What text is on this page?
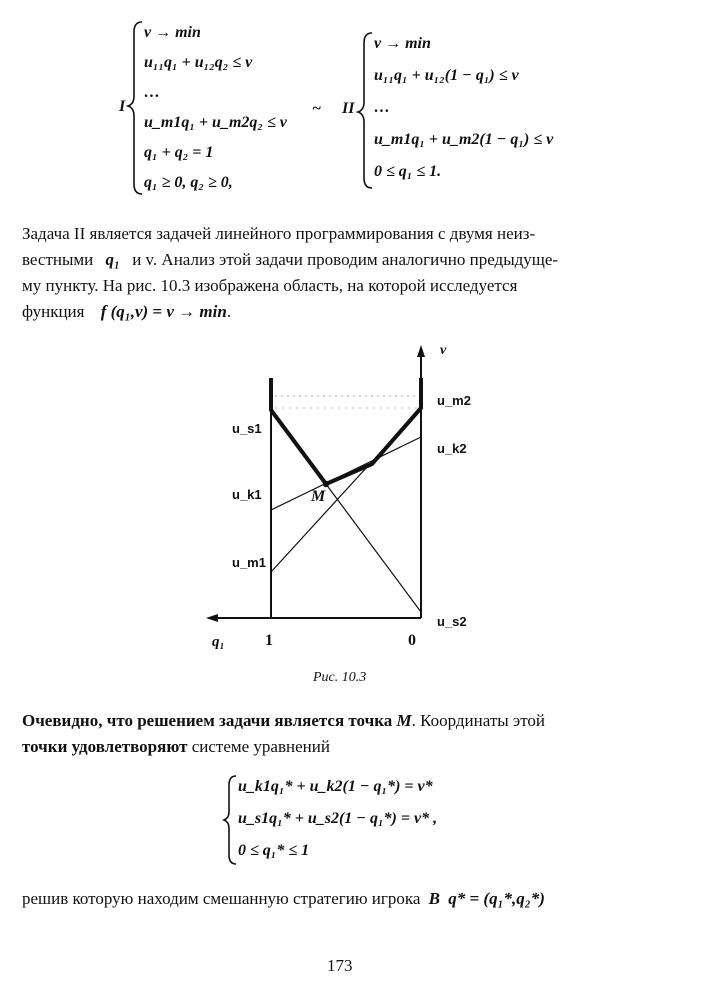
I
v → min
u₁₁q₁ + u₁₂q₂ ≤ v
…
u_m1q₁ + u_m2q₂ ≤ v
q₁ + q₂ = 1
q₁ ≥ 0, q₂ ≥ 0,
~ II
v → min
u₁₁q₁ + u₁₂(1 − q₁) ≤ v
…
u_m1q₁ + u_m2(1 − q₁) ≤ v
0 ≤ q₁ ≤ 1.
Задача II является задачей линейного программирования с двумя неиз-
вестными q₁ и v. Анализ этой задачи проводим аналогично предыдуще-
му пункту. На рис. 10.3 изображена область, на которой исследуется
функция f (q₁,v) = v → min.
v
q₁	1	0
M
u_s1
u_k1
u_m1
u_m2
u_k2
u_s2
Рис. 10.3
Очевидно, что решением задачи является точка M. Координаты этой
точки удовлетворяют системе уравнений
u_k1q₁* + u_k2(1 − q₁*) = v*
u_s1q₁* + u_s2(1 − q₁*) = v* ,
0 ≤ q₁* ≤ 1
решив которую находим смешанную стратегию игрока B q* = (q₁*,q₂*)
173
